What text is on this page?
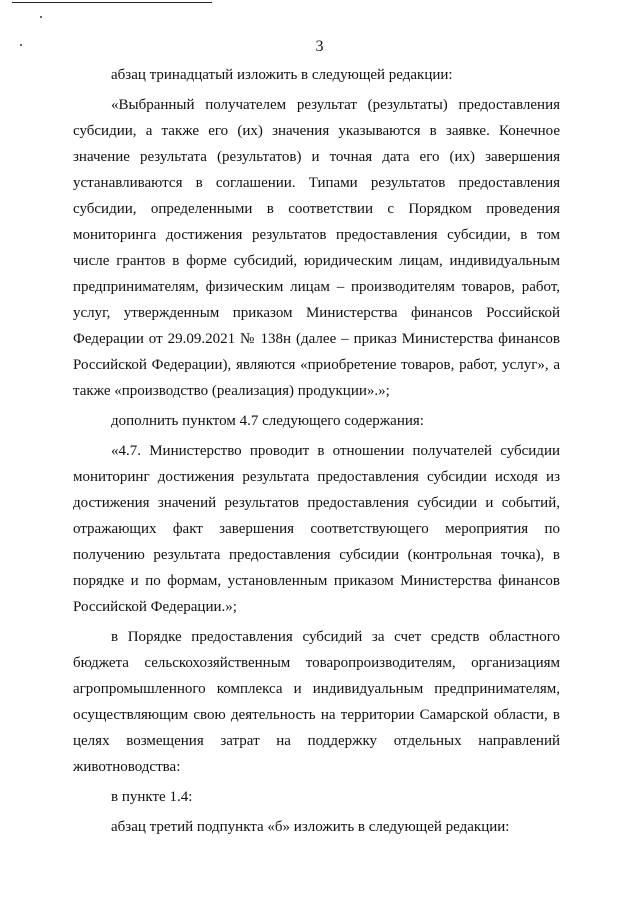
3

абзац тринадцатый изложить в следующей редакции:

«Выбранный получателем результат (результаты) предоставления субсидии, а также его (их) значения указываются в заявке. Конечное значение результата (результатов) и точная дата его (их) завершения устанавливаются в соглашении. Типами результатов предоставления субсидии, определенными в соответствии с Порядком проведения мониторинга достижения результатов предоставления субсидии, в том числе грантов в форме субсидий, юридическим лицам, индивидуальным предпринимателям, физическим лицам – производителям товаров, работ, услуг, утвержденным приказом Министерства финансов Российской Федерации от 29.09.2021 № 138н (далее – приказ Министерства финансов Российской Федерации), являются «приобретение товаров, работ, услуг», а также «производство (реализация) продукции».»;

дополнить пунктом 4.7 следующего содержания:

«4.7. Министерство проводит в отношении получателей субсидии мониторинг достижения результата предоставления субсидии исходя из достижения значений результатов предоставления субсидии и событий, отражающих факт завершения соответствующего мероприятия по получению результата предоставления субсидии (контрольная точка), в порядке и по формам, установленным приказом Министерства финансов Российской Федерации.»;

в Порядке предоставления субсидий за счет средств областного бюджета сельскохозяйственным товаропроизводителям, организациям агропромышленного комплекса и индивидуальным предпринимателям, осуществляющим свою деятельность на территории Самарской области, в целях возмещения затрат на поддержку отдельных направлений животноводства:

в пункте 1.4:

абзац третий подпункта «б» изложить в следующей редакции:
